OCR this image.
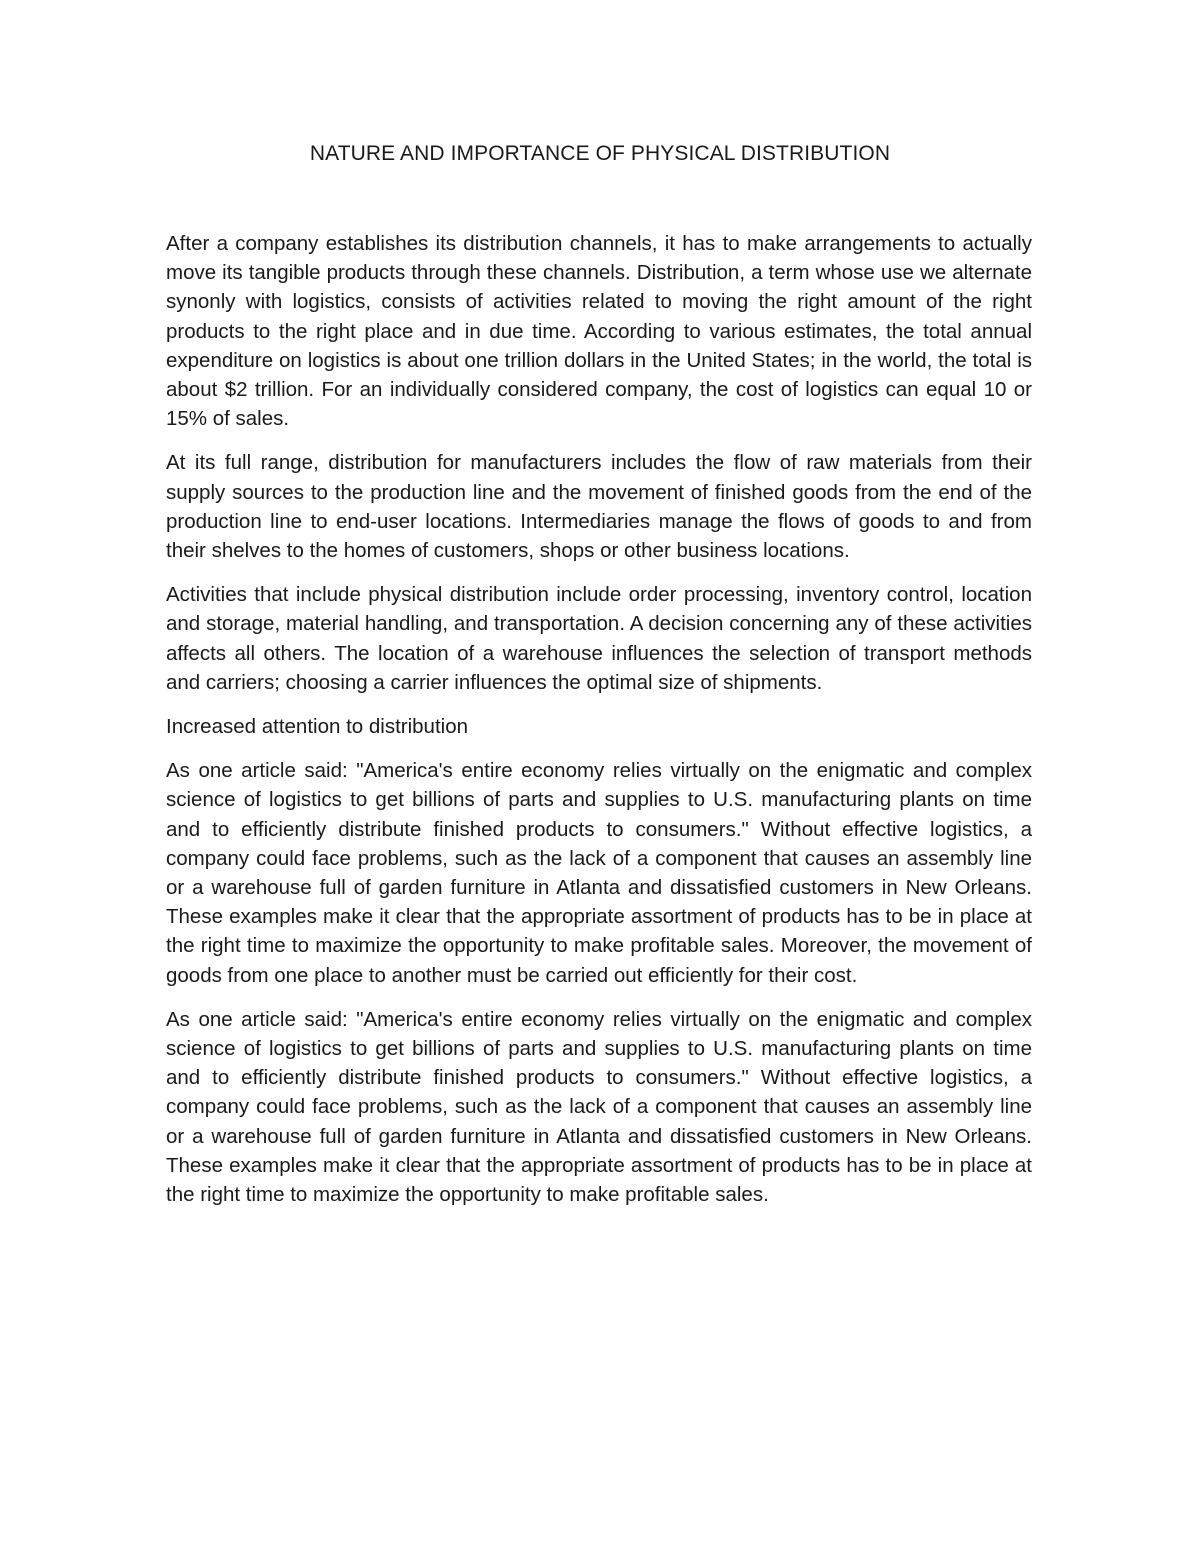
NATURE AND IMPORTANCE OF PHYSICAL DISTRIBUTION

After a company establishes its distribution channels, it has to make arrangements to actually move its tangible products through these channels. Distribution, a term whose use we alternate synonly with logistics, consists of activities related to moving the right amount of the right products to the right place and in due time. According to various estimates, the total annual expenditure on logistics is about one trillion dollars in the United States; in the world, the total is about $2 trillion. For an individually considered company, the cost of logistics can equal 10 or 15% of sales.

At its full range, distribution for manufacturers includes the flow of raw materials from their supply sources to the production line and the movement of finished goods from the end of the production line to end-user locations. Intermediaries manage the flows of goods to and from their shelves to the homes of customers, shops or other business locations.

Activities that include physical distribution include order processing, inventory control, location and storage, material handling, and transportation. A decision concerning any of these activities affects all others. The location of a warehouse influences the selection of transport methods and carriers; choosing a carrier influences the optimal size of shipments.

Increased attention to distribution

As one article said: "America's entire economy relies virtually on the enigmatic and complex science of logistics to get billions of parts and supplies to U.S. manufacturing plants on time and to efficiently distribute finished products to consumers." Without effective logistics, a company could face problems, such as the lack of a component that causes an assembly line or a warehouse full of garden furniture in Atlanta and dissatisfied customers in New Orleans. These examples make it clear that the appropriate assortment of products has to be in place at the right time to maximize the opportunity to make profitable sales. Moreover, the movement of goods from one place to another must be carried out efficiently for their cost.

As one article said: "America's entire economy relies virtually on the enigmatic and complex science of logistics to get billions of parts and supplies to U.S. manufacturing plants on time and to efficiently distribute finished products to consumers." Without effective logistics, a company could face problems, such as the lack of a component that causes an assembly line or a warehouse full of garden furniture in Atlanta and dissatisfied customers in New Orleans. These examples make it clear that the appropriate assortment of products has to be in place at the right time to maximize the opportunity to make profitable sales.
